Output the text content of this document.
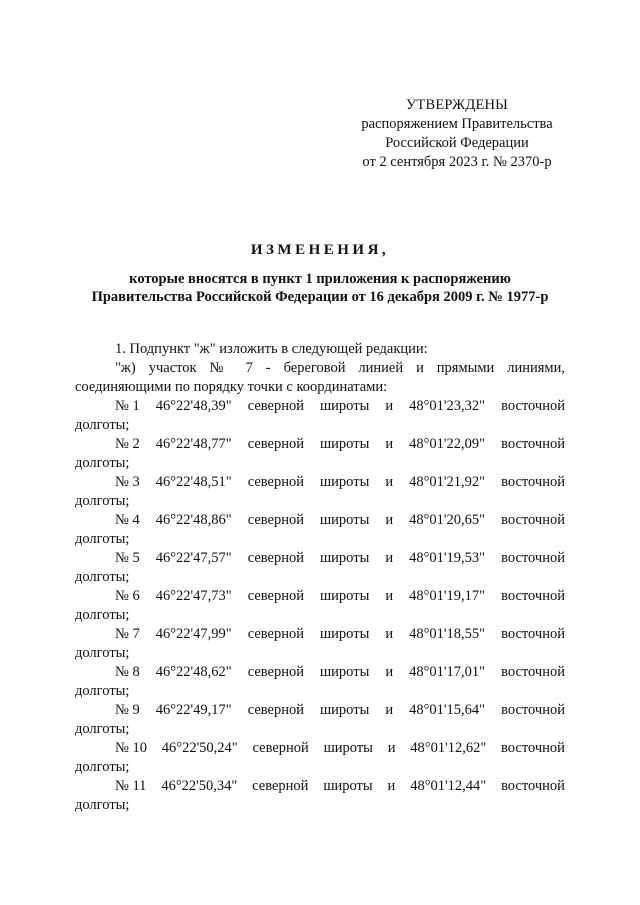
УТВЕРЖДЕНЫ
распоряжением Правительства
Российской Федерации
от 2 сентября 2023 г. № 2370-р
ИЗМЕНЕНИЯ,
которые вносятся в пункт 1 приложения к распоряжению
Правительства Российской Федерации от 16 декабря 2009 г. № 1977-р
1. Подпункт "ж" изложить в следующей редакции:
"ж) участок № 7 - береговой линией и прямыми линиями,
соединяющими по порядку точки с координатами:
№ 1 46°22'48,39" северной широты и 48°01'23,32" восточной
долготы;
№ 2 46°22'48,77" северной широты и 48°01'22,09" восточной
долготы;
№ 3 46°22'48,51" северной широты и 48°01'21,92" восточной
долготы;
№ 4 46°22'48,86" северной широты и 48°01'20,65" восточной
долготы;
№ 5 46°22'47,57" северной широты и 48°01'19,53" восточной
долготы;
№ 6 46°22'47,73" северной широты и 48°01'19,17" восточной
долготы;
№ 7 46°22'47,99" северной широты и 48°01'18,55" восточной
долготы;
№ 8 46°22'48,62" северной широты и 48°01'17,01" восточной
долготы;
№ 9 46°22'49,17" северной широты и 48°01'15,64" восточной
долготы;
№ 10 46°22'50,24" северной широты и 48°01'12,62" восточной
долготы;
№ 11 46°22'50,34" северной широты и 48°01'12,44" восточной
долготы;
